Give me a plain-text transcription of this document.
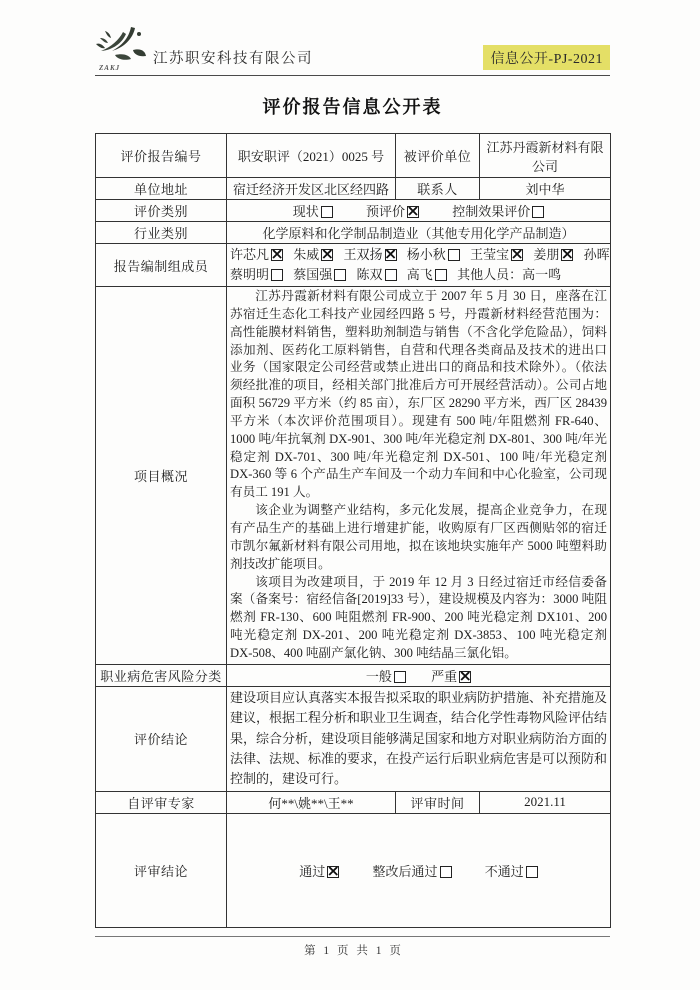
ZAKJ
江苏职安科技有限公司	信息公开-PJ-2021
评价报告信息公开表
评价报告编号	职安职评（2021）0025 号	被评价单位	江苏丹霞新材料有限公司
单位地址	宿迁经济开发区北区经四路	联系人	刘中华
评价类别	现状 预评价 × 控制效果评价
行业类别	化学原料和化学制品制造业（其他专用化学产品制造）		
报告编制组成员	许芯凡 × 朱威 × 王双扬 × 杨小秋 王莹宝 × 姜朋 × 孙晖
蔡明明 蔡国强 陈双 高飞 其他人员：高一鸣

项目概况	江苏丹霞新材料有限公司成立于 2007 年 5 月 30 日，座落在江苏宿迁生态化工科技产业园经四路 5 号，丹霞新材料经营范围为：高性能膜材料销售，塑料助剂制造与销售（不含化学危险品），饲料添加剂、医药化工原料销售，自营和代理各类商品及技术的进出口业务（国家限定公司经营或禁止进出口的商品和技术除外）。（依法须经批准的项目，经相关部门批准后方可开展经营活动）。公司占地面积 56729 平方米（约 85 亩），东厂区 28290 平方米，西厂区 28439 平方米（本次评价范围项目）。现建有 500 吨/年阻燃剂 FR-640、1000 吨/年抗氧剂 DX-901、300 吨/年光稳定剂 DX-801、300 吨/年光稳定剂 DX-701、300 吨/年光稳定剂 DX-501、100 吨/年光稳定剂 DX-360 等 6 个产品生产车间及一个动力车间和中心化验室，公司现有员工 191 人。

该企业为调整产业结构，多元化发展，提高企业竞争力，在现有产品生产的基础上进行增建扩能，收购原有厂区西侧贴邻的宿迁市凯尔氟新材料有限公司用地，拟在该地块实施年产 5000 吨塑料助剂技改扩能项目。

该项目为改建项目，于 2019 年 12 月 3 日经过宿迁市经信委备案（备案号：宿经信备[2019]33 号），建设规模及内容为：3000 吨阻燃剂 FR-130、600 吨阻燃剂 FR-900、200 吨光稳定剂 DX101、200 吨光稳定剂 DX-201、200 吨光稳定剂 DX-3853、100 吨光稳定剂 DX-508、400 吨副产氯化钠、300 吨结晶三氯化铝。		

职业病危害风险分类	一般 严重×
评价结论	建设项目应认真落实本报告拟采取的职业病防护措施、补充措施及建议，根据工程分析和职业卫生调查，结合化学性毒物风险评估结果，综合分析，建设项目能够满足国家和地方对职业病防治方面的法律、法规、标准的要求，在投产运行后职业病危害是可以预防和控制的，建设可行。		

自评审专家	何**\姚**\王**	评审时间	2021.11
评审结论	通过 × 整改后通过 不通过
第 1 页 共 1 页
